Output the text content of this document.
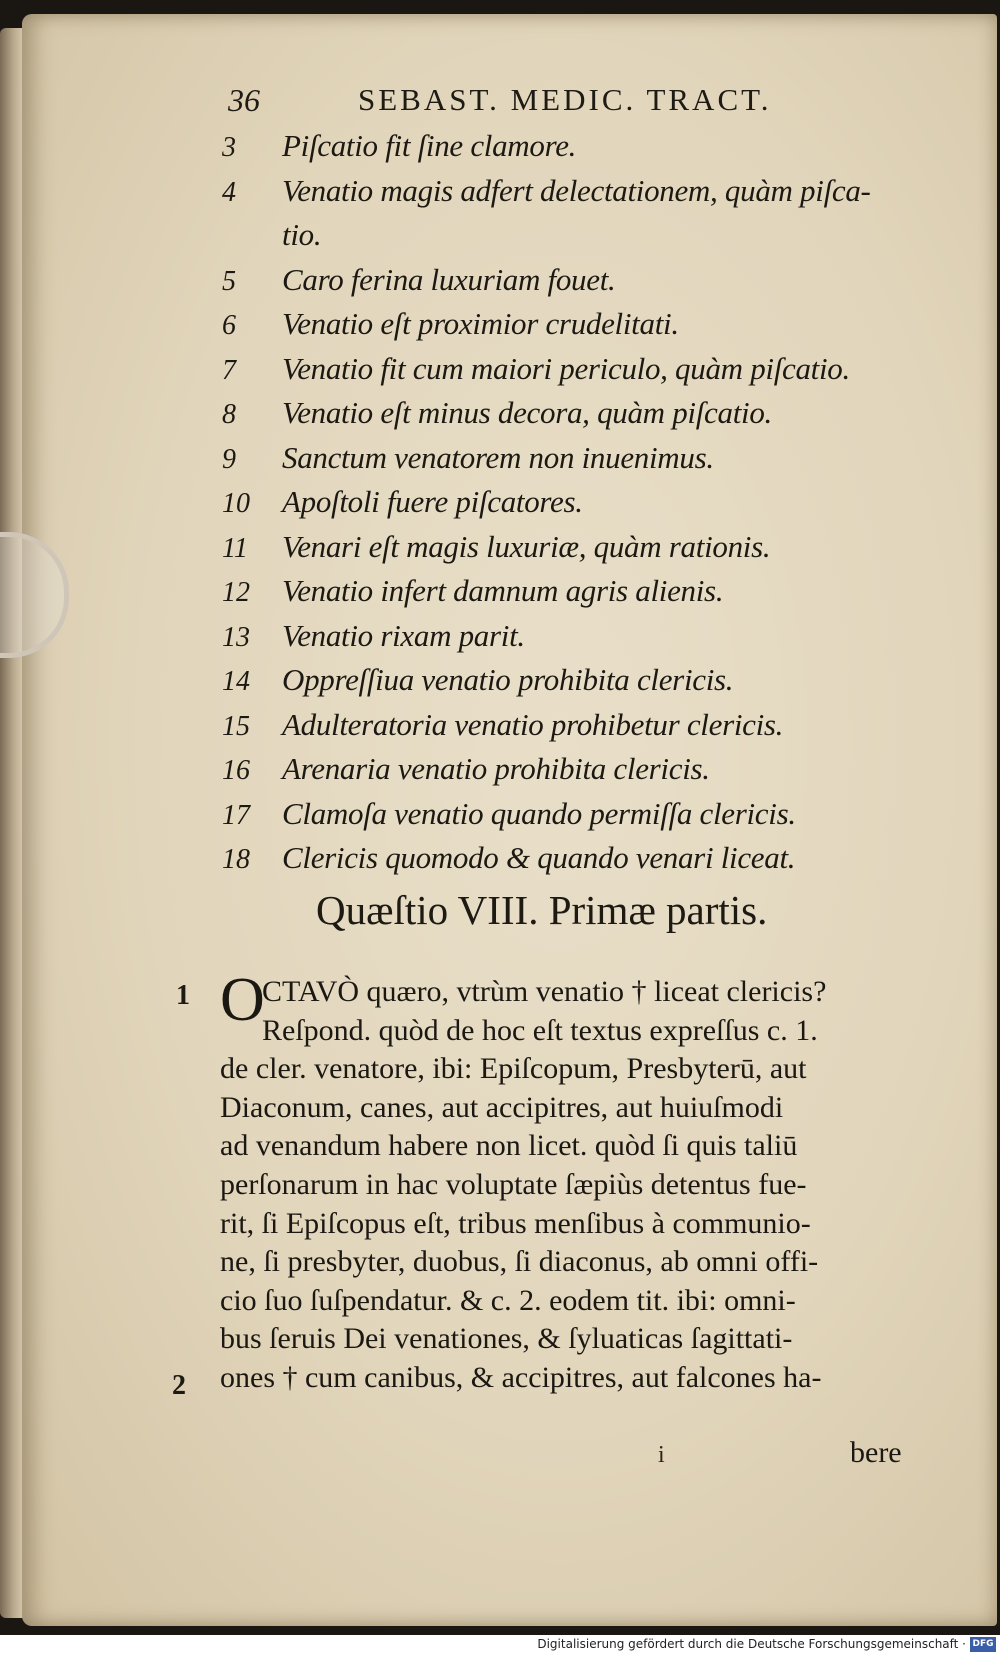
36	SEBAST. MEDIC. TRACT.
3	Piſcatio fit ſine clamore.
4	Venatio magis adfert delectationem, quàm piſca-
tio.
5	Caro ferina luxuriam fouet.
6	Venatio eſt proximior crudelitati.
7	Venatio fit cum maiori periculo, quàm piſcatio.
8	Venatio eſt minus decora, quàm piſcatio.
9	Sanctum venatorem non inuenimus.
10	Apoſtoli fuere piſcatores.
11	Venari eſt magis luxuriæ, quàm rationis.
12	Venatio infert damnum agris alienis.
13	Venatio rixam parit.
14	Oppreſſiua venatio prohibita clericis.
15	Adulteratoria venatio prohibetur clericis.
16	Arenaria venatio prohibita clericis.
17	Clamoſa venatio quando permiſſa clericis.
18	Clericis quomodo & quando venari liceat.
Quæſtio VIII. Primæ partis.
1
2
O
CTAVÒ quæro, vtrùm venatio † liceat clericis?
Reſpond. quòd de hoc eſt textus expreſſus c. 1.
de cler. venatore, ibi: Epiſcopum, Presbyterū, aut
Diaconum, canes, aut accipitres, aut huiuſmodi
ad venandum habere non licet. quòd ſi quis taliū
perſonarum in hac voluptate ſæpiùs detentus fue-
rit, ſi Epiſcopus eſt, tribus menſibus à communio-
ne, ſi presbyter, duobus, ſi diaconus, ab omni offi-
cio ſuo ſuſpendatur. & c. 2. eodem tit. ibi: omni-
bus ſeruis Dei venationes, & ſyluaticas ſagittati-
ones † cum canibus, & accipitres, aut falcones ha-
bere
i
Digitalisierung gefördert durch die Deutsche Forschungsgemeinschaft · DFG
